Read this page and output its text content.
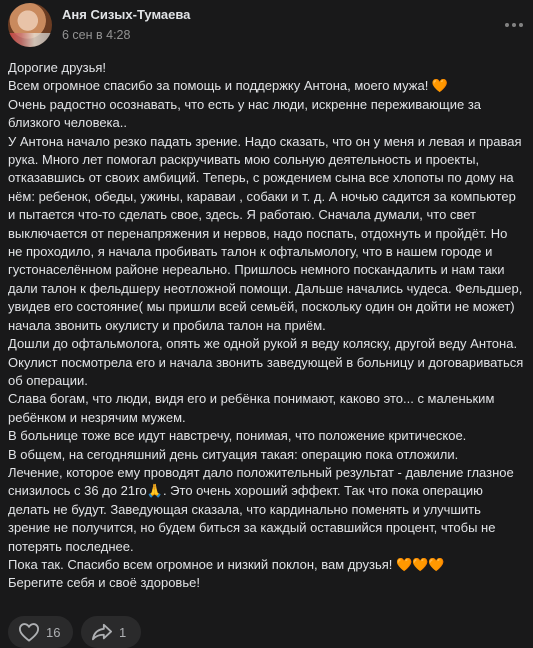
Аня Сизых-Тумаева
6 сен в 4:28

Дорогие друзья!

Всем огромное спасибо за помощь и поддержку Антона, моего мужа! 🧡

Очень радостно осознавать, что есть у нас люди, искренне переживающие за близкого человека..

У Антона начало резко падать зрение. Надо сказать, что он у меня и левая и правая рука. Много лет помогал раскручивать мою сольную деятельность и проекты, отказавшись от своих амбиций. Теперь, с рождением сына все хлопоты по дому на нём: ребенок, обеды, ужины, караваи , собаки и т. д. А ночью садится за компьютер и пытается что-то сделать свое, здесь. Я работаю. Сначала думали, что свет выключается от перенапряжения и нервов, надо поспать, отдохнуть и пройдёт. Но не проходило, я начала пробивать талон к офтальмологу, что в нашем городе и густонаселённом районе нереально. Пришлось немного поскандалить и нам таки дали талон к фельдшеру неотложной помощи. Дальше начались чудеса. Фельдшер, увидев его состояние( мы пришли всей семьёй, поскольку один он дойти не может) начала звонить окулисту и пробила талон на приём.

Дошли до офтальмолога, опять же одной рукой я веду коляску, другой веду Антона. Окулист посмотрела его и начала звонить заведующей в больницу и договариваться об операции.

Слава богам, что люди, видя его и ребёнка понимают, каково это... с маленьким ребёнком и незрячим мужем.

В больнице тоже все идут навстречу, понимая, что положение критическое.

В общем, на сегодняшний день ситуация такая: операцию пока отложили.

Лечение, которое ему проводят дало положительный результат - давление глазное снизилось с 36 до 21го🙏. Это очень хороший эффект. Так что пока операцию делать не будут. Заведующая сказала, что кардинально поменять и улучшить зрение не получится, но будем биться за каждый оставшийся процент, чтобы не потерять последнее.

Пока так. Спасибо всем огромное и низкий поклон, вам друзья! 🧡🧡🧡

Берегите себя и своё здоровье!

16	1
